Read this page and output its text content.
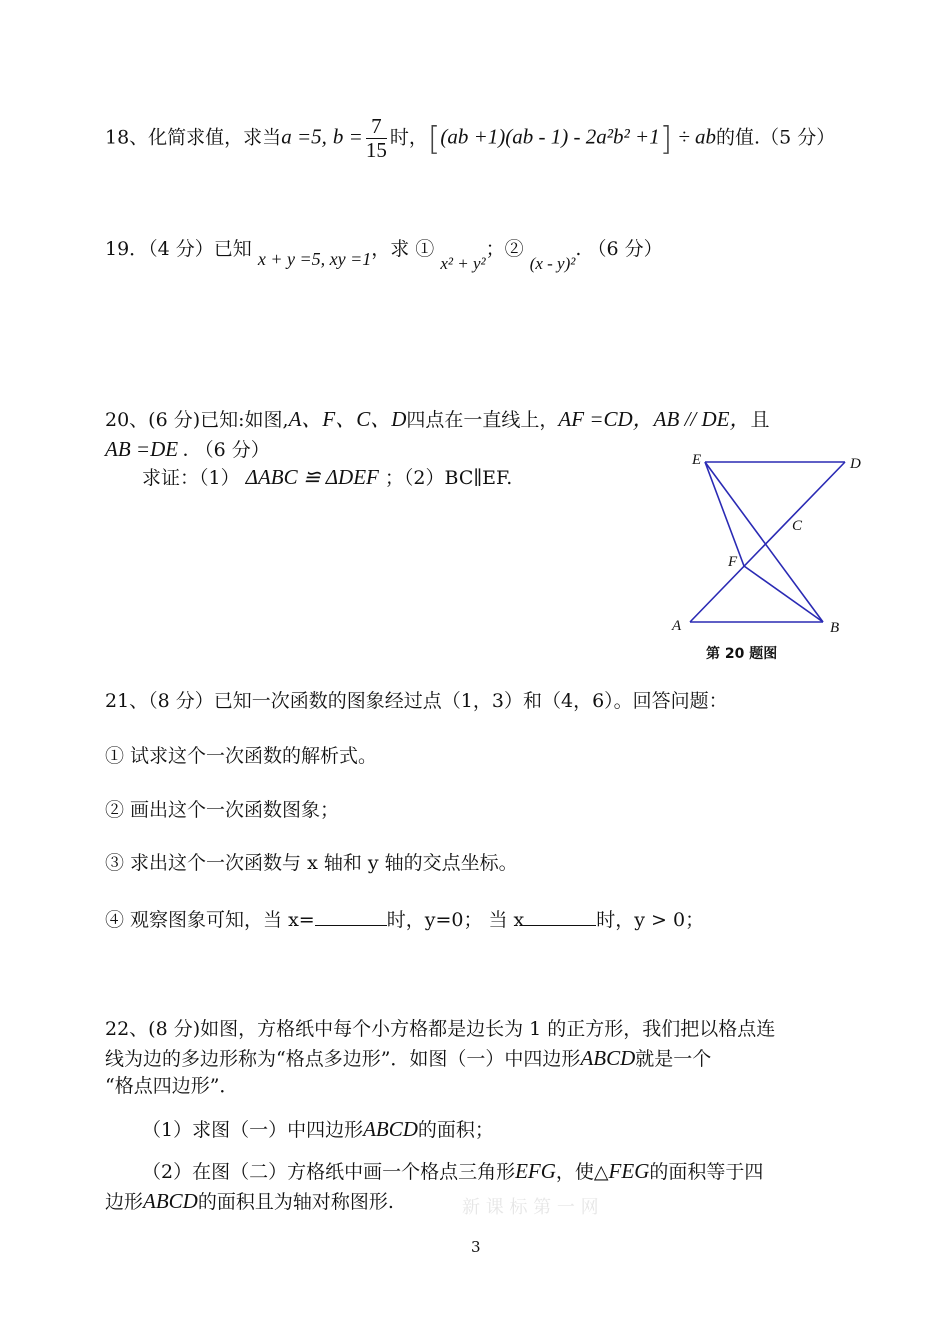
18、化简求值，求当a =5, $b = \frac{7}{15}$ 时，[(ab +1)(ab - 1) - 2a²b² +1] ÷ ab的值.（5 分）
19．（4 分）已知 x + y =5, xy =1，求 ① x² + y²；② (x - y)². （6 分）
20、(6 分)已知:如图,A、F、C、D四点在一直线上，AF =CD，AB // DE，且
AB =DE . （6 分）
求证：（1） ΔABC ≌ ΔDEF ；（2）BC∥EF.
E	D
C
F
A	B
第 20 题图
21、（8 分）已知一次函数的图象经过点（1，3）和（4，6）。回答问题：
① 试求这个一次函数的解析式。
② 画出这个一次函数图象；
③ 求出这个一次函数与 x 轴和 y 轴的交点坐标。
④ 观察图象可知，当 x=	时，y=0； 当 x	时，y > 0；
22、(8 分)如图，方格纸中每个小方格都是边长为 1 的正方形，我们把以格点连
线为边的多边形称为“格点多边形”．如图（一）中四边形ABCD就是一个
“格点四边形”．
（1）求图（一）中四边形ABCD的面积；
（2）在图（二）方格纸中画一个格点三角形EFG，使△FEG的面积等于四
边形ABCD的面积且为轴对称图形.	新 课 标 第 一 网
3
